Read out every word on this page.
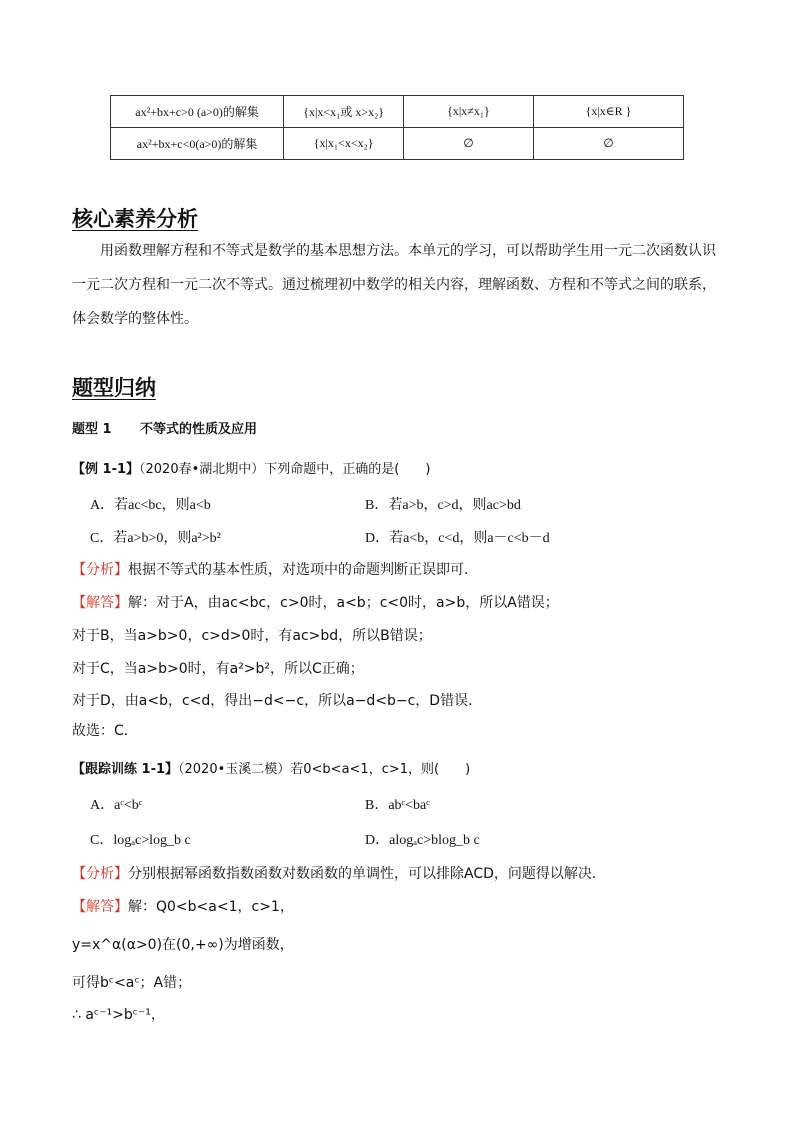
ax²+bx+c>0 (a>0)的解集	{x|x<x₁或 x>x₂}	{x|x≠x₁}	{x|x∈R }
ax²+bx+c<0(a>0)的解集	{x|x₁<x<x₂}	∅	∅
核心素养分析
用函数理解方程和不等式是数学的基本思想方法。本单元的学习，可以帮助学生用一元二次函数认识一元二次方程和一元二次不等式。通过梳理初中数学的相关内容，理解函数、方程和不等式之间的联系，体会数学的整体性。
题型归纳
题型 1 不等式的性质及应用
【例 1-1】（2020春•湖北期中）下列命题中，正确的是(　　)
A．若ac<bc，则a<b	B．若a>b，c>d，则ac>bd
C．若a>b>0，则a²>b²	D．若a<b，c<d，则a－c<b－d
【分析】根据不等式的基本性质，对选项中的命题判断正误即可．
【解答】解：对于A，由ac<bc，c>0时，a<b；c<0时，a>b，所以A错误；
对于B，当a>b>0，c>d>0时，有ac>bd，所以B错误；
对于C，当a>b>0时，有a²>b²，所以C正确；
对于D，由a<b，c<d，得出−d<−c，所以a−d<b−c，D错误．
故选：C．
【跟踪训练 1-1】（2020•玉溪二模）若0<b<a<1，c>1，则(　　)
A．aᶜ<bᶜ	B．abᶜ<baᶜ
C．logₐc>log_b c	D．alogₐc>blog_b c
【分析】分别根据幂函数指数函数对数函数的单调性，可以排除ACD，问题得以解决．
【解答】解：Q0<b<a<1，c>1，
y=x^α(α>0)在(0,+∞)为增函数，
可得bᶜ<aᶜ；A错；
∴ aᶜ⁻¹>bᶜ⁻¹，
